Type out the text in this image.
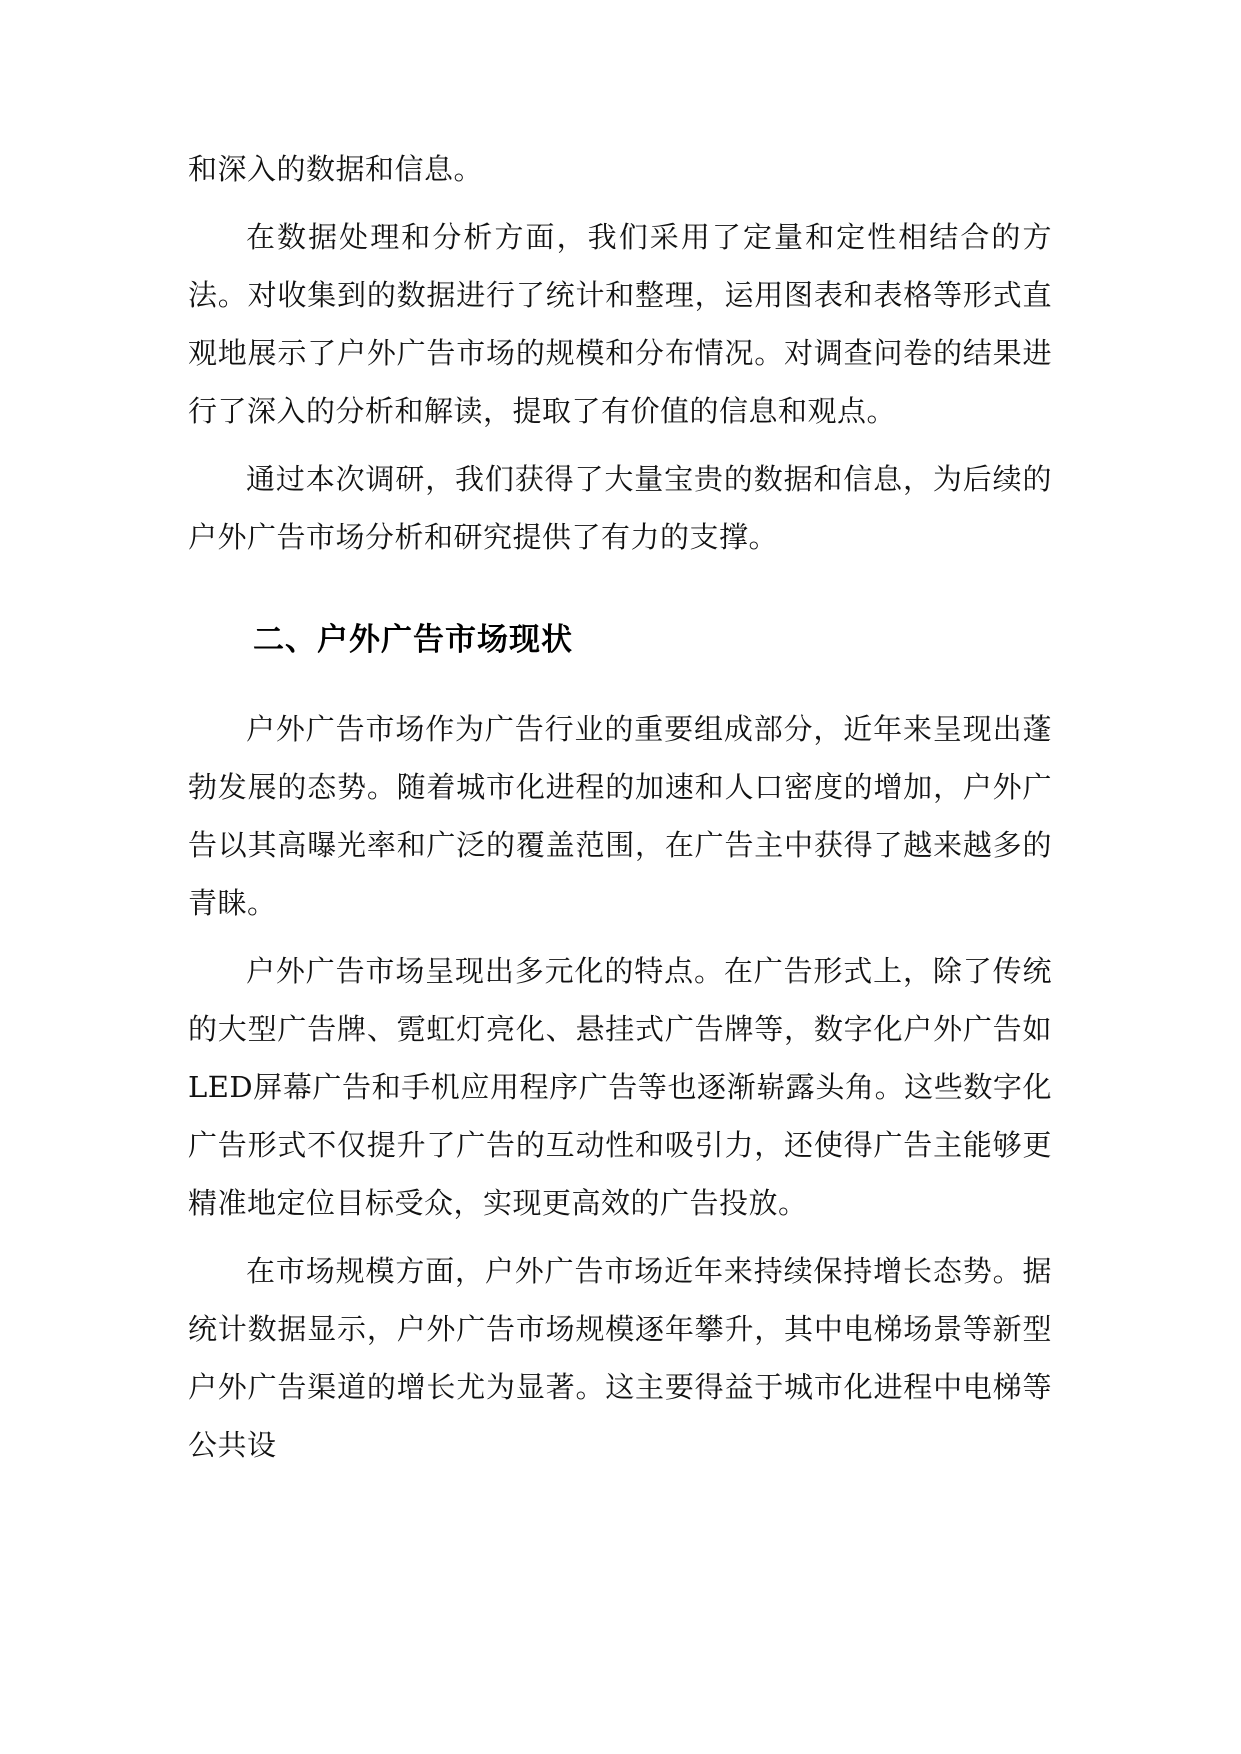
和深入的数据和信息。

在数据处理和分析方面，我们采用了定量和定性相结合的方法。对收集到的数据进行了统计和整理，运用图表和表格等形式直观地展示了户外广告市场的规模和分布情况。对调查问卷的结果进行了深入的分析和解读，提取了有价值的信息和观点。

通过本次调研，我们获得了大量宝贵的数据和信息，为后续的户外广告市场分析和研究提供了有力的支撑。

二、户外广告市场现状

户外广告市场作为广告行业的重要组成部分，近年来呈现出蓬勃发展的态势。随着城市化进程的加速和人口密度的增加，户外广告以其高曝光率和广泛的覆盖范围，在广告主中获得了越来越多的青睐。

户外广告市场呈现出多元化的特点。在广告形式上，除了传统的大型广告牌、霓虹灯亮化、悬挂式广告牌等，数字化户外广告如LED屏幕广告和手机应用程序广告等也逐渐崭露头角。这些数字化广告形式不仅提升了广告的互动性和吸引力，还使得广告主能够更精准地定位目标受众，实现更高效的广告投放。

在市场规模方面，户外广告市场近年来持续保持增长态势。据统计数据显示，户外广告市场规模逐年攀升，其中电梯场景等新型户外广告渠道的增长尤为显著。这主要得益于城市化进程中电梯等公共设
